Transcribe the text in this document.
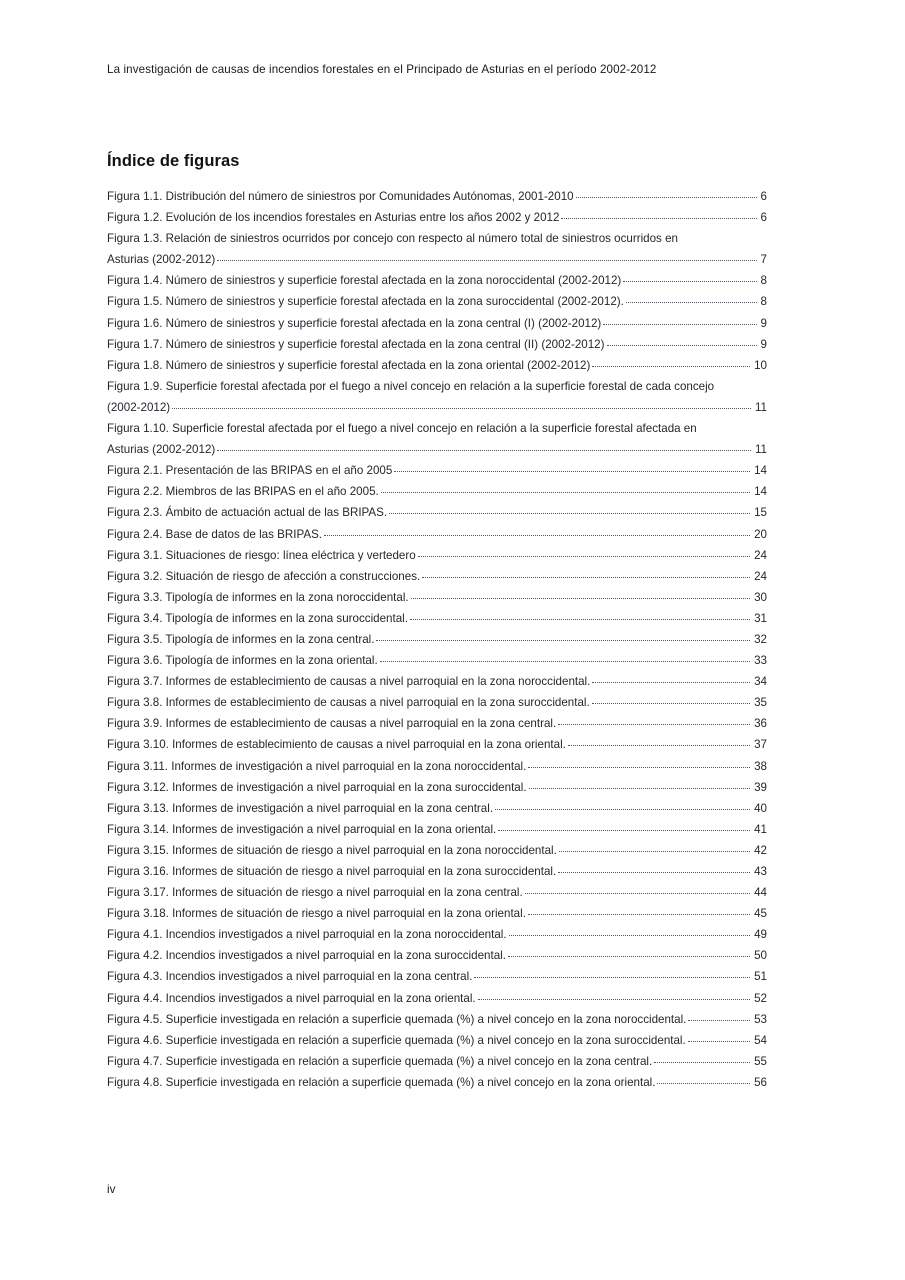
La investigación de causas de incendios forestales en el Principado de Asturias en el período 2002-2012
Índice de figuras
Figura 1.1. Distribución del número de siniestros por Comunidades Autónomas, 2001-2010	6
Figura 1.2. Evolución de los incendios forestales en Asturias entre los años 2002 y 2012	6
Figura 1.3. Relación de siniestros ocurridos por concejo con respecto al número total de siniestros ocurridos en
Asturias (2002-2012)	7
Figura 1.4. Número de siniestros y superficie forestal afectada en la zona noroccidental (2002-2012)	8
Figura 1.5. Número de siniestros y superficie forestal afectada en la zona suroccidental (2002-2012).	8
Figura 1.6. Número de siniestros y superficie forestal afectada en la zona central (I) (2002-2012)	9
Figura 1.7. Número de siniestros y superficie forestal afectada en la zona central (II) (2002-2012)	9
Figura 1.8. Número de siniestros y superficie forestal afectada en la zona oriental (2002-2012)	10
Figura 1.9. Superficie forestal afectada por el fuego a nivel concejo en relación a la superficie forestal de cada concejo
(2002-2012)	11
Figura 1.10. Superficie forestal afectada por el fuego a nivel concejo en relación a la superficie forestal afectada en
Asturias (2002-2012)	11
Figura 2.1. Presentación de las BRIPAS en el año 2005	14
Figura 2.2. Miembros de las BRIPAS en el año 2005.	14
Figura 2.3. Ámbito de actuación actual de las BRIPAS.	15
Figura 2.4. Base de datos de las BRIPAS.	20
Figura 3.1. Situaciones de riesgo: línea eléctrica y vertedero	24
Figura 3.2. Situación de riesgo de afección a construcciones.	24
Figura 3.3. Tipología de informes en la zona noroccidental.	30
Figura 3.4. Tipología de informes en la zona suroccidental.	31
Figura 3.5. Tipología de informes en la zona central.	32
Figura 3.6. Tipología de informes en la zona oriental.	33
Figura 3.7. Informes de establecimiento de causas a nivel parroquial en la zona noroccidental.	34
Figura 3.8. Informes de establecimiento de causas a nivel parroquial en la zona suroccidental.	35
Figura 3.9. Informes de establecimiento de causas a nivel parroquial en la zona central.	36
Figura 3.10. Informes de establecimiento de causas a nivel parroquial en la zona oriental.	37
Figura 3.11. Informes de investigación a nivel parroquial en la zona noroccidental.	38
Figura 3.12. Informes de investigación a nivel parroquial en la zona suroccidental.	39
Figura 3.13. Informes de investigación a nivel parroquial en la zona central.	40
Figura 3.14. Informes de investigación a nivel parroquial en la zona oriental.	41
Figura 3.15. Informes de situación de riesgo a nivel parroquial en la zona noroccidental.	42
Figura 3.16. Informes de situación de riesgo a nivel parroquial en la zona suroccidental.	43
Figura 3.17. Informes de situación de riesgo a nivel parroquial en la zona central.	44
Figura 3.18. Informes de situación de riesgo a nivel parroquial en la zona oriental.	45
Figura 4.1. Incendios investigados a nivel parroquial en la zona noroccidental.	49
Figura 4.2. Incendios investigados a nivel parroquial en la zona suroccidental.	50
Figura 4.3. Incendios investigados a nivel parroquial en la zona central.	51
Figura 4.4. Incendios investigados a nivel parroquial en la zona oriental.	52
Figura 4.5. Superficie investigada en relación a superficie quemada (%) a nivel concejo en la zona noroccidental.	53
Figura 4.6. Superficie investigada en relación a superficie quemada (%) a nivel concejo en la zona suroccidental.	54
Figura 4.7. Superficie investigada en relación a superficie quemada (%) a nivel concejo en la zona central.	55
Figura 4.8. Superficie investigada en relación a superficie quemada (%) a nivel concejo en la zona oriental.	56
iv
